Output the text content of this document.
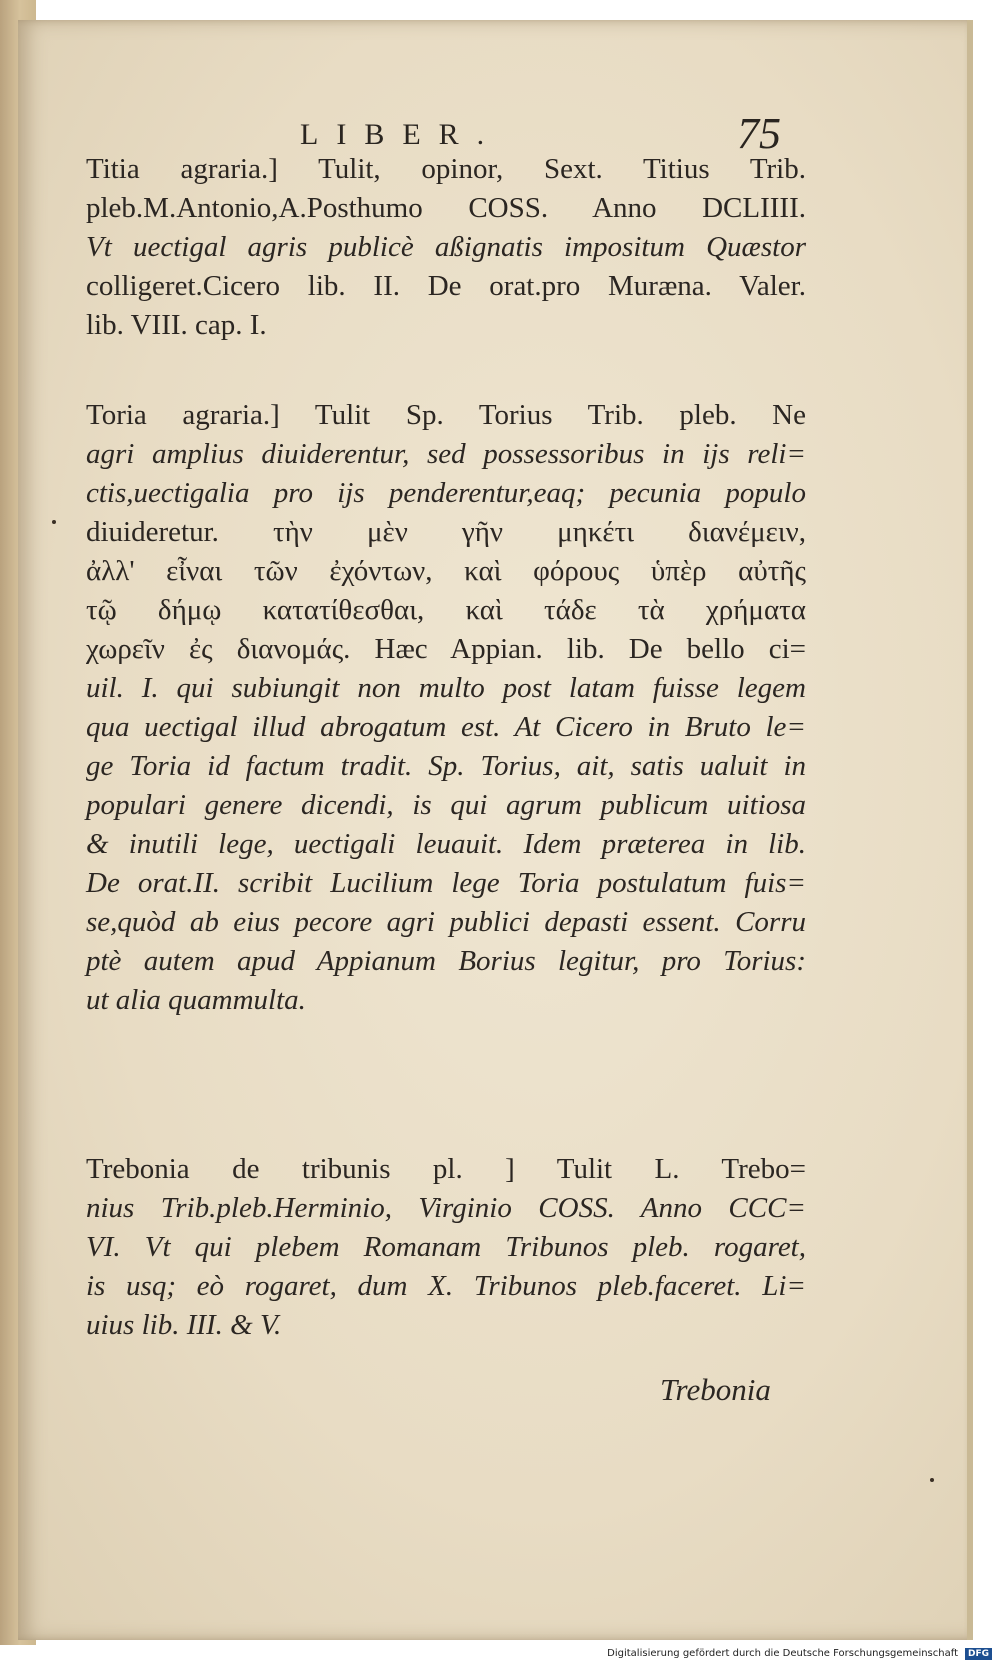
LIBER.	75
Titia agraria.] Tulit, opinor, Sext. Titius Trib.
pleb.M.Antonio,A.Posthumo COSS. Anno DCLIIII.
Vt uectigal agris publicè aßignatis impositum Quæstor
colligeret.Cicero lib. II. De orat.pro Muræna. Valer.
lib. VIII. cap. I.
Toria agraria.] Tulit Sp. Torius Trib. pleb. Ne
agri amplius diuiderentur, sed possessoribus in ijs reli=
ctis,uectigalia pro ijs penderentur,eaq; pecunia populo
diuideretur. τὴν μὲν γῆν μηκέτι διανέμειν,
ἀλλ' εἶναι τῶν ἐχόντων, καὶ φόρους ὑπὲρ αὐτῆς
τῷ δήμῳ κατατίθεσθαι, καὶ τάδε τὰ χρήματα
χωρεῖν ἐς διανομάς. Hæc Appian. lib. De bello ci=
uil. I. qui subiungit non multo post latam fuisse legem
qua uectigal illud abrogatum est. At Cicero in Bruto le=
ge Toria id factum tradit. Sp. Torius, ait, satis ualuit in
populari genere dicendi, is qui agrum publicum uitiosa
& inutili lege, uectigali leuauit. Idem præterea in lib.
De orat.II. scribit Lucilium lege Toria postulatum fuis=
se,quòd ab eius pecore agri publici depasti essent. Corru
ptè autem apud Appianum Borius legitur, pro Torius:
ut alia quammulta.
Trebonia de tribunis pl. ] Tulit L. Trebo=
nius Trib.pleb.Herminio, Virginio COSS. Anno CCC=
VI. Vt qui plebem Romanam Tribunos pleb. rogaret,
is usq; eò rogaret, dum X. Tribunos pleb.faceret. Li=
uius lib. III. & V.
Trebonia
Digitalisierung gefördert durch die Deutsche Forschungsgemeinschaft	DFG
